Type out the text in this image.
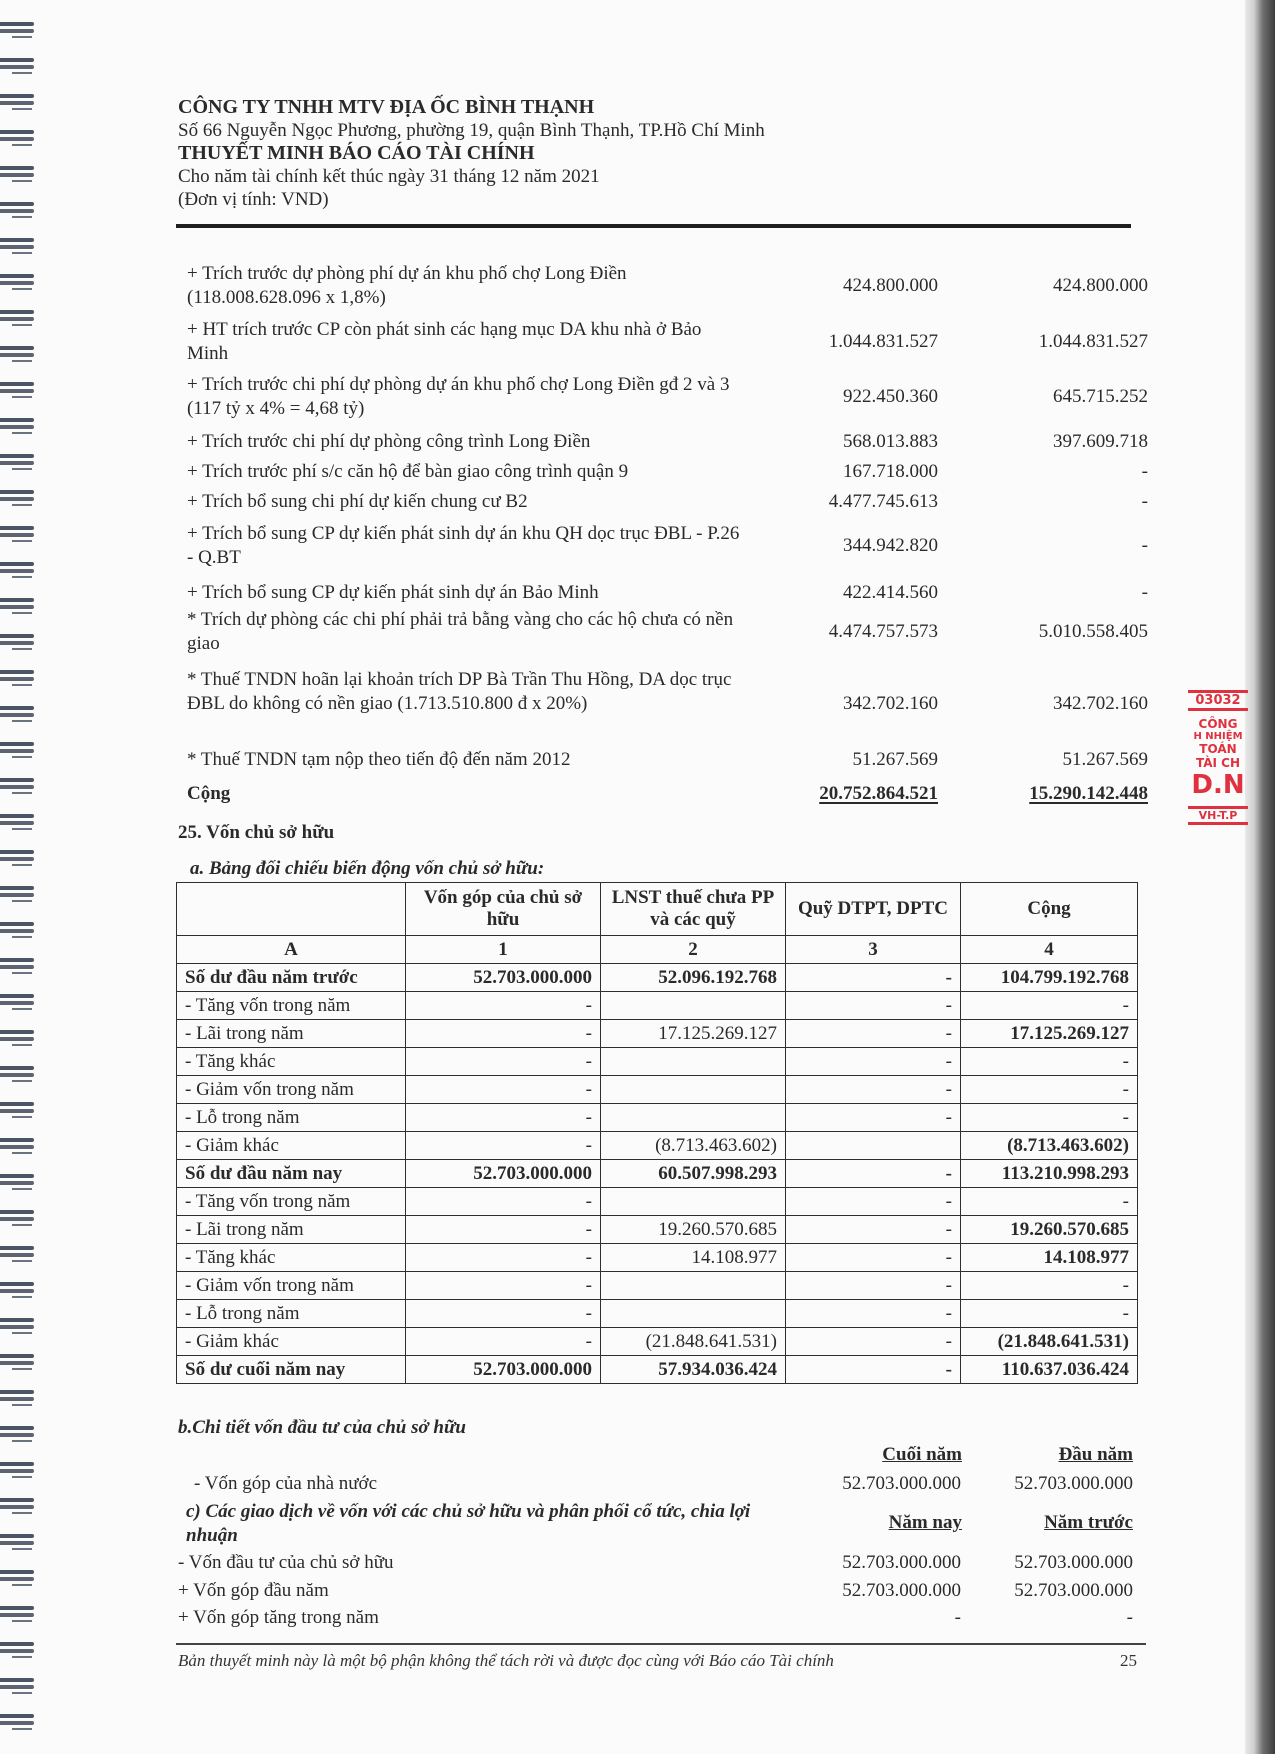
CÔNG TY TNHH MTV ĐỊA ỐC BÌNH THẠNH
Số 66 Nguyễn Ngọc Phương, phường 19, quận Bình Thạnh, TP.Hồ Chí Minh
THUYẾT MINH BÁO CÁO TÀI CHÍNH
Cho năm tài chính kết thúc ngày 31 tháng 12 năm 2021
(Đơn vị tính: VND)
+ Trích trước dự phòng phí dự án khu phố chợ Long Điền (118.008.628.096 x 1,8%)
424.800.000	424.800.000
+ HT trích trước CP còn phát sinh các hạng mục DA khu nhà ở Bảo Minh
1.044.831.527	1.044.831.527
+ Trích trước chi phí dự phòng dự án khu phố chợ Long Điền gđ 2 và 3 (117 tỷ x 4% = 4,68 tỷ)
922.450.360	645.715.252
+ Trích trước chi phí dự phòng công trình Long Điền	568.013.883	397.609.718
+ Trích trước phí s/c căn hộ để bàn giao công trình quận 9	167.718.000	-
+ Trích bổ sung chi phí dự kiến chung cư B2	4.477.745.613	-
+ Trích bổ sung CP dự kiến phát sinh dự án khu QH dọc trục ĐBL - P.26 - Q.BT
344.942.820	-
+ Trích bổ sung CP dự kiến phát sinh dự án Bảo Minh	422.414.560	-
* Trích dự phòng các chi phí phải trả bằng vàng cho các hộ chưa có nền giao
4.474.757.573	5.010.558.405
* Thuế TNDN hoãn lại khoản trích DP Bà Trần Thu Hồng, DA dọc trục ĐBL do không có nền giao (1.713.510.800 đ x 20%)	342.702.160	342.702.160
* Thuế TNDN tạm nộp theo tiến độ đến năm 2012	51.267.569	51.267.569
Cộng	20.752.864.521	15.290.142.448
25. Vốn chủ sở hữu
a. Bảng đối chiếu biến động vốn chủ sở hữu:
	Vốn góp của chủ sở hữu	LNST thuế chưa PP và các quỹ	Quỹ DTPT, DPTC	Cộng
A	1	2	3	4
Số dư đầu năm trước	52.703.000.000	52.096.192.768	-	104.799.192.768
- Tăng vốn trong năm	-		-	-
- Lãi trong năm	-	17.125.269.127	-	17.125.269.127
- Tăng khác	-		-	-
- Giảm vốn trong năm	-		-	-
- Lỗ trong năm	-		-	-
- Giảm khác	-	(8.713.463.602)		(8.713.463.602)
Số dư đầu năm nay	52.703.000.000	60.507.998.293	-	113.210.998.293
- Tăng vốn trong năm	-		-	-
- Lãi trong năm	-	19.260.570.685	-	19.260.570.685
- Tăng khác	-	14.108.977	-	14.108.977
- Giảm vốn trong năm	-		-	-
- Lỗ trong năm	-		-	-
- Giảm khác	-	(21.848.641.531)	-	(21.848.641.531)
Số dư cuối năm nay	52.703.000.000	57.934.036.424	-	110.637.036.424
b.Chi tiết vốn đầu tư của chủ sở hữu
Cuối năm	Đầu năm
- Vốn góp của nhà nước	52.703.000.000	52.703.000.000
c) Các giao dịch về vốn với các chủ sở hữu và phân phối cổ tức, chia lợi nhuận
Năm nay	Năm trước
- Vốn đầu tư của chủ sở hữu	52.703.000.000	52.703.000.000
+ Vốn góp đầu năm	52.703.000.000	52.703.000.000
+ Vốn góp tăng trong năm	-	-
Bản thuyết minh này là một bộ phận không thể tách rời và được đọc cùng với Báo cáo Tài chính	25
03032
CÔNG
H NHIỆM
TOÁN
TÀI CH
D.N
VH-T.P
